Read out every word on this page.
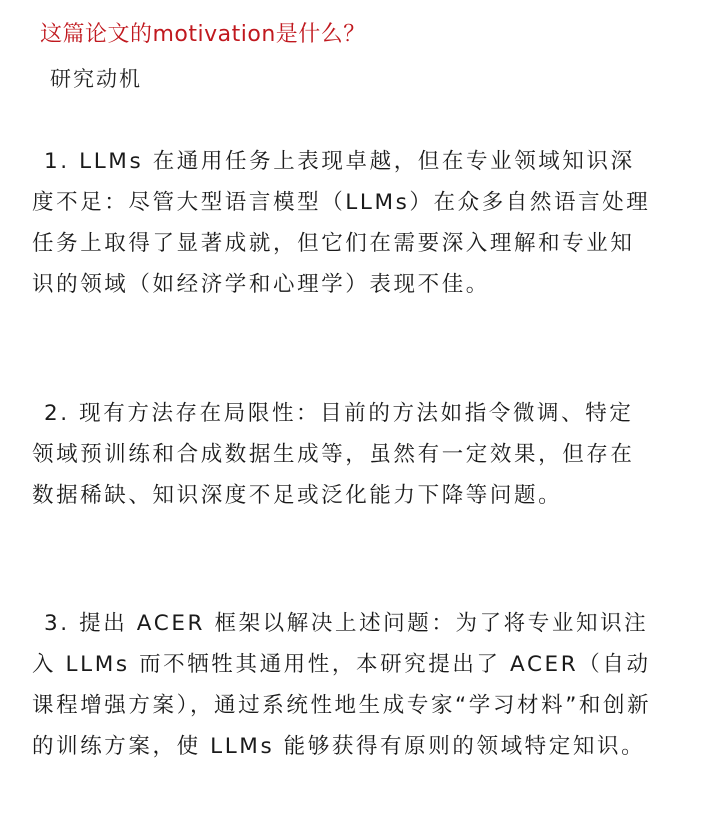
这篇论文的motivation是什么？
研究动机

1. LLMs 在通用任务上表现卓越，但在专业领域知识深度不足：尽管大型语言模型（LLMs）在众多自然语言处理任务上取得了显著成就，但它们在需要深入理解和专业知识的领域（如经济学和心理学）表现不佳。

2. 现有方法存在局限性：目前的方法如指令微调、特定领域预训练和合成数据生成等，虽然有一定效果，但存在数据稀缺、知识深度不足或泛化能力下降等问题。

3. 提出 ACER 框架以解决上述问题：为了将专业知识注入 LLMs 而不牺牲其通用性，本研究提出了 ACER（自动课程增强方案），通过系统性地生成专家“学习材料”和创新的训练方案，使 LLMs 能够获得有原则的领域特定知识。
